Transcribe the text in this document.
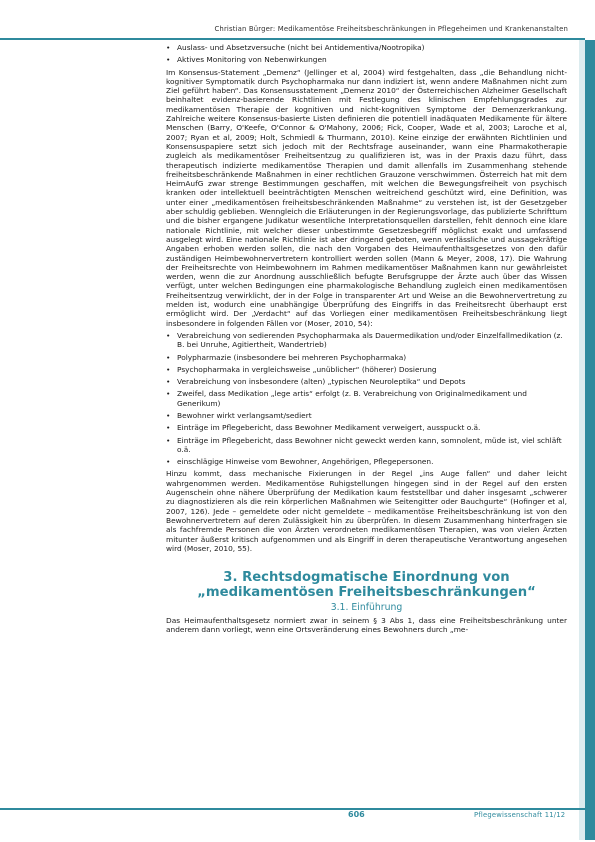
Christian Bürger: Medikamentöse Freiheitsbeschränkungen in Pflegeheimen und Krankenanstalten
• Auslass- und Absetzversuche (nicht bei Antidementiva/Nootropika)
• Aktives Monitoring von Nebenwirkungen

Im Konsensus-Statement „Demenz“ (Jellinger et al, 2004) wird festgehalten, dass „die Behandlung nicht-kognitiver Symptomatik durch Psychopharmaka nur dann indiziert ist, wenn andere Maßnahmen nicht zum Ziel geführt haben“. Das Konsensusstatement „Demenz 2010“ der Österreichischen Alzheimer Gesellschaft beinhaltet evidenz-basierende Richtlinien mit Festlegung des klinischen Empfehlungsgrades zur medikamentösen Therapie der kognitiven und nicht-kognitiven Symptome der Demenzerkrankung. Zahlreiche weitere Konsensus-basierte Listen definieren die potentiell inadäquaten Medikamente für ältere Menschen (Barry, O'Keefe, O'Connor & O'Mahony, 2006; Fick, Cooper, Wade et al, 2003; Laroche et al, 2007; Ryan et al, 2009; Holt, Schmiedl & Thurmann, 2010). Keine einzige der erwähnten Richtlinien und Konsensuspapiere setzt sich jedoch mit der Rechtsfrage auseinander, wann eine Pharmakotherapie zugleich als medikamentöser Freiheitsentzug zu qualifizieren ist, was in der Praxis dazu führt, dass therapeutisch indizierte medikamentöse Therapien und damit allenfalls im Zusammenhang stehende freiheitsbeschränkende Maßnahmen in einer rechtlichen Grauzone verschwimmen. Österreich hat mit dem HeimAufG zwar strenge Bestimmungen geschaffen, mit welchen die Bewegungsfreiheit von psychisch kranken oder intellektuell beeinträchtigten Menschen weitreichend geschützt wird, eine Definition, was unter einer „medikamentösen freiheitsbeschränkenden Maßnahme“ zu verstehen ist, ist der Gesetzgeber aber schuldig geblieben. Wenngleich die Erläuterungen in der Regierungsvorlage, das publizierte Schrifttum und die bisher ergangene Judikatur wesentliche Interpretationsquellen darstellen, fehlt dennoch eine klare nationale Richtlinie, mit welcher dieser unbestimmte Gesetzesbegriff möglichst exakt und umfassend ausgelegt wird. Eine nationale Richtlinie ist aber dringend geboten, wenn verlässliche und aussagekräftige Angaben erhoben werden sollen, die nach den Vorgaben des Heimaufenthaltsgesetzes von den dafür zuständigen Heimbewohnervertretern kontrolliert werden sollen (Mann & Meyer, 2008, 17). Die Wahrung der Freiheitsrechte von Heimbewohnern im Rahmen medikamentöser Maßnahmen kann nur gewährleistet werden, wenn die zur Anordnung ausschließlich befugte Berufsgruppe der Ärzte auch über das Wissen verfügt, unter welchen Bedingungen eine pharmakologische Behandlung zugleich einen medikamentösen Freiheitsentzug verwirklicht, der in der Folge in transparenter Art und Weise an die Bewohnervertretung zu melden ist, wodurch eine unabhängige Überprüfung des Eingriffs in das Freiheitsrecht überhaupt erst ermöglicht wird. Der „Verdacht“ auf das Vorliegen einer medikamentösen Freiheitsbeschränkung liegt insbesondere in folgenden Fällen vor (Moser, 2010, 54):

• Verabreichung von sedierenden Psychopharmaka als Dauermedikation und/oder Einzelfallmedikation (z. B. bei Unruhe, Agitiertheit, Wandertrieb)
• Polypharmazie (insbesondere bei mehreren Psychopharmaka)
• Psychopharmaka in vergleichsweise „unüblicher“ (höherer) Dosierung
• Verabreichung von insbesondere (alten) „typischen Neuroleptika“ und Depots
• Zweifel, dass Medikation „lege artis“ erfolgt (z. B. Verabreichung von Originalmedikament und Generikum)
• Bewohner wirkt verlangsamt/sediert
• Einträge im Pflegebericht, dass Bewohner Medikament verweigert, ausspuckt o.ä.
• Einträge im Pflegebericht, dass Bewohner nicht geweckt werden kann, somnolent, müde ist, viel schläft o.ä.
• einschlägige Hinweise vom Bewohner, Angehörigen, Pflegepersonen.

Hinzu kommt, dass mechanische Fixierungen in der Regel „ins Auge fallen“ und daher leicht wahrgenommen werden. Medikamentöse Ruhigstellungen hingegen sind in der Regel auf den ersten Augenschein ohne nähere Überprüfung der Medikation kaum feststellbar und daher insgesamt „schwerer zu diagnostizieren als die rein körperlichen Maßnahmen wie Seitengitter oder Bauchgurte“ (Hofinger et al, 2007, 126). Jede – gemeldete oder nicht gemeldete – medikamentöse Freiheitsbeschränkung ist von den Bewohnervertretern auf deren Zulässigkeit hin zu überprüfen. In diesem Zusammenhang hinterfragen sie als fachfremde Personen die von Ärzten verordneten medikamentösen Therapien, was von vielen Ärzten mitunter äußerst kritisch aufgenommen und als Eingriff in deren therapeutische Verantwortung angesehen wird (Moser, 2010, 55).

3. Rechtsdogmatische Einordnung von
„medikamentösen Freiheitsbeschränkungen“
3.1. Einführung

Das Heimaufenthaltsgesetz normiert zwar in seinem § 3 Abs 1, dass eine Freiheitsbeschränkung unter anderem dann vorliegt, wenn eine Ortsveränderung eines Bewohners durch „me-

606	Pflegewissenschaft 11/12
